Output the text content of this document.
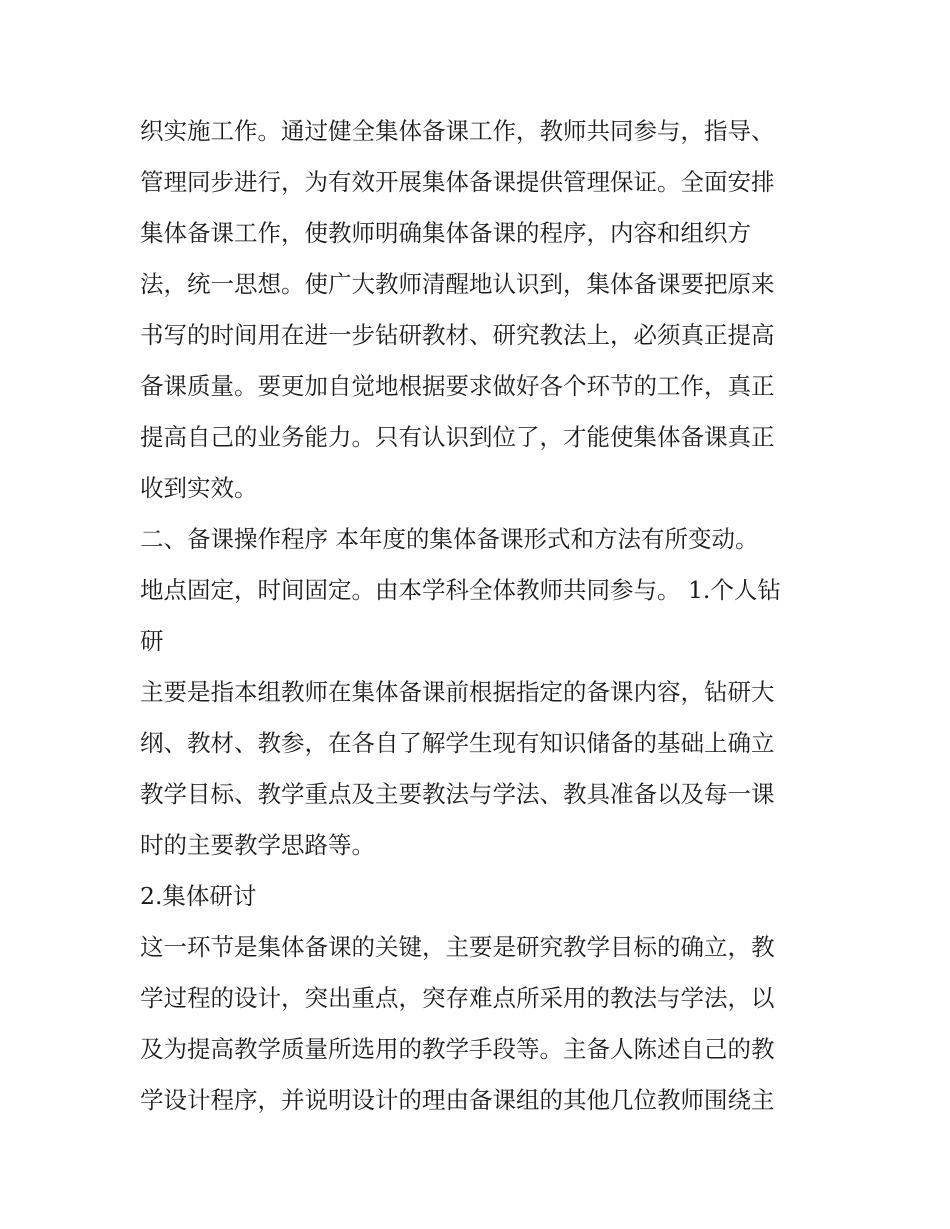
织实施工作。通过健全集体备课工作，教师共同参与，指导、
管理同步进行，为有效开展集体备课提供管理保证。全面安排
集体备课工作，使教师明确集体备课的程序，内容和组织方
法，统一思想。使广大教师清醒地认识到，集体备课要把原来
书写的时间用在进一步钻研教材、研究教法上，必须真正提高
备课质量。要更加自觉地根据要求做好各个环节的工作，真正
提高自己的业务能力。只有认识到位了，才能使集体备课真正
收到实效。
二、备课操作程序 本年度的集体备课形式和方法有所变动。
地点固定，时间固定。由本学科全体教师共同参与。 1.个人钻
研
主要是指本组教师在集体备课前根据指定的备课内容，钻研大
纲、教材、教参，在各自了解学生现有知识储备的基础上确立
教学目标、教学重点及主要教法与学法、教具准备以及每一课
时的主要教学思路等。
2.集体研讨
这一环节是集体备课的关键，主要是研究教学目标的确立，教
学过程的设计，突出重点，突存难点所采用的教法与学法，以
及为提高教学质量所选用的教学手段等。主备人陈述自己的教
学设计程序，并说明设计的理由备课组的其他几位教师围绕主
